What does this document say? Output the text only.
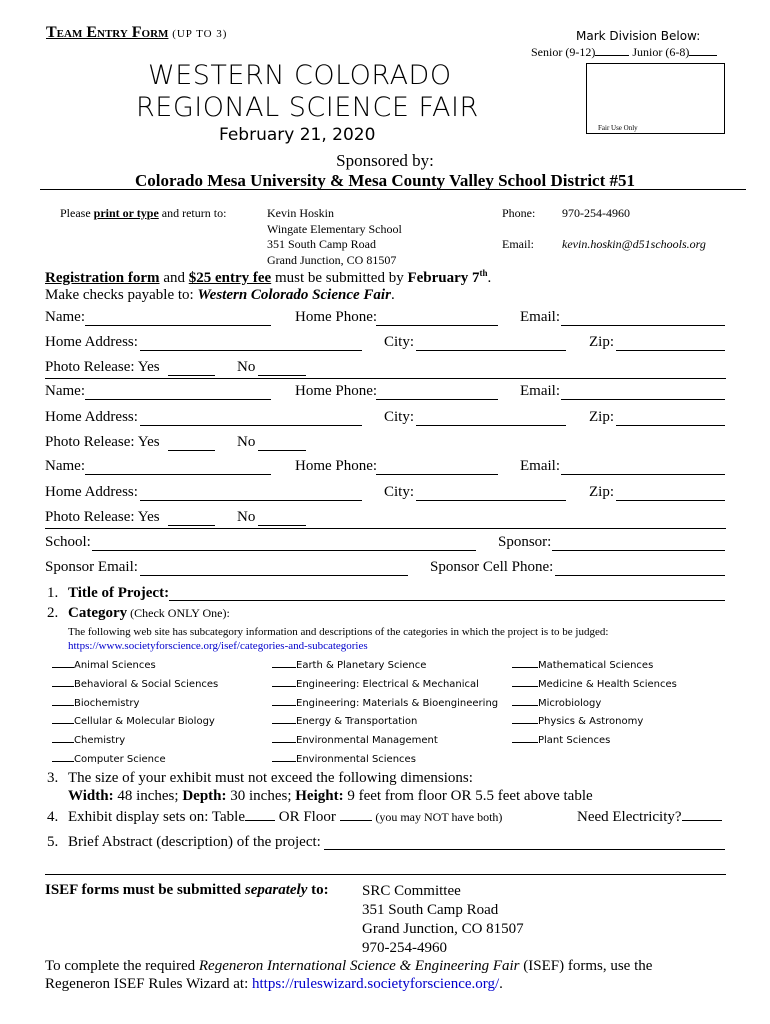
Team Entry Form (UP TO 3)
WESTERN COLORADO
REGIONAL SCIENCE FAIR
February 21, 2020
Mark Division Below:
Senior (9-12)	Junior (6-8)
Fair Use Only
Sponsored by:
Colorado Mesa University & Mesa County Valley School District #51
Please print or type and return to:	Kevin Hoskin
Wingate Elementary School
351 South Camp Road
Grand Junction, CO 81507
Phone: 970-254-4960
Email: kevin.hoskin@d51schools.org
Registration form and $25 entry fee must be submitted by February 7th.
Make checks payable to: Western Colorado Science Fair.
Name:	Home Phone:	Email:
Home Address:	City:	Zip:
Photo Release: Yes	No
Name:	Home Phone:	Email:
Home Address:	City:	Zip:
Photo Release: Yes	No
Name:	Home Phone:	Email:
Home Address:	City:	Zip:
Photo Release: Yes	No
School:	Sponsor:
Sponsor Email:	Sponsor Cell Phone:
1. Title of Project:
2. Category (Check ONLY One):
The following web site has subcategory information and descriptions of the categories in which the project is to be judged:
https://www.societyforscience.org/isef/categories-and-subcategories
Animal Sciences
Behavioral & Social Sciences
Biochemistry
Cellular & Molecular Biology
Chemistry
Computer Science
Earth & Planetary Science
Engineering: Electrical & Mechanical
Engineering: Materials & Bioengineering
Energy & Transportation
Environmental Management
Environmental Sciences
Mathematical Sciences
Medicine & Health Sciences
Microbiology
Physics & Astronomy
Plant Sciences
3. The size of your exhibit must not exceed the following dimensions:
Width: 48 inches; Depth: 30 inches; Height: 9 feet from floor OR 5.5 feet above table
4. Exhibit display sets on: Table OR Floor	(you may NOT have both)	Need Electricity?
5. Brief Abstract (description) of the project:
ISEF forms must be submitted separately to: SRC Committee
351 South Camp Road
Grand Junction, CO 81507
970-254-4960
To complete the required Regeneron International Science & Engineering Fair (ISEF) forms, use the
Regeneron ISEF Rules Wizard at: https://ruleswizard.societyforscience.org/.
